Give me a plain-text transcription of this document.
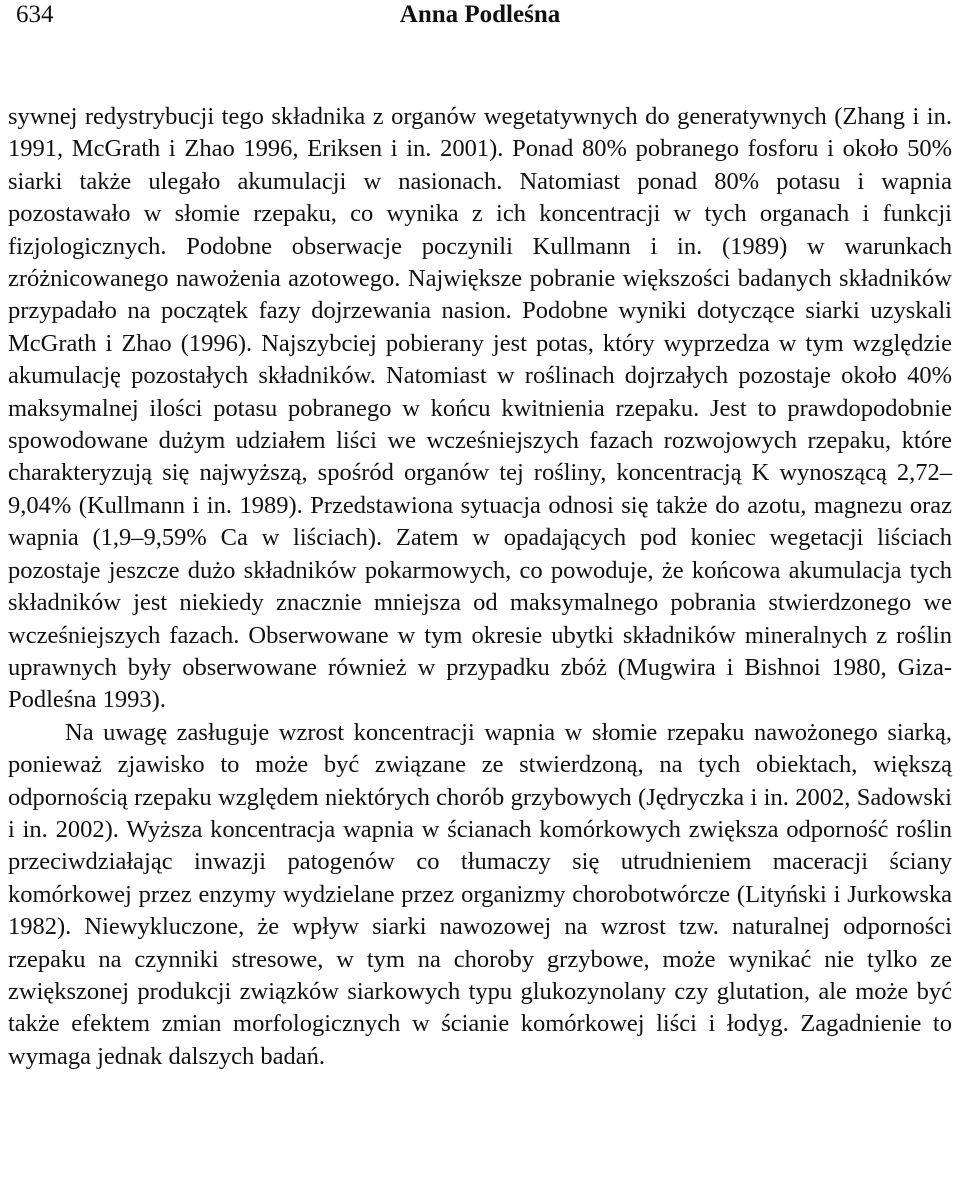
634	Anna Podleśna

sywnej redystrybucji tego składnika z organów wegetatywnych do generatywnych (Zhang i in. 1991, McGrath i Zhao 1996, Eriksen i in. 2001). Ponad 80% pobranego fosforu i około 50% siarki także ulegało akumulacji w nasionach. Natomiast ponad 80% potasu i wapnia pozostawało w słomie rzepaku, co wynika z ich koncentracji w tych organach i funkcji fizjologicznych. Podobne obserwacje poczynili Kullmann i in. (1989) w warunkach zróżnicowanego nawożenia azotowego. Największe pobranie większości badanych składników przypadało na początek fazy dojrzewania nasion. Podobne wyniki dotyczące siarki uzyskali McGrath i Zhao (1996). Najszybciej pobierany jest potas, który wyprzedza w tym względzie akumulację pozostałych składników. Natomiast w roślinach dojrzałych pozostaje około 40% maksymalnej ilości potasu pobranego w końcu kwitnienia rzepaku. Jest to prawdopodobnie spowodowane dużym udziałem liści we wcześniejszych fazach rozwojowych rzepaku, które charakteryzują się najwyższą, spośród organów tej rośliny, koncentracją K wynoszącą 2,72–9,04% (Kullmann i in. 1989). Przedstawiona sytuacja odnosi się także do azotu, magnezu oraz wapnia (1,9–9,59% Ca w liściach). Zatem w opadających pod koniec wegetacji liściach pozostaje jeszcze dużo składników pokarmowych, co powoduje, że końcowa akumulacja tych składników jest niekiedy znacznie mniejsza od maksymalnego pobrania stwierdzonego we wcześniejszych fazach. Obserwowane w tym okresie ubytki składników mineralnych z roślin uprawnych były obserwowane również w przypadku zbóż (Mugwira i Bishnoi 1980, Giza-Podleśna 1993).

Na uwagę zasługuje wzrost koncentracji wapnia w słomie rzepaku nawożonego siarką, ponieważ zjawisko to może być związane ze stwierdzoną, na tych obiektach, większą odpornością rzepaku względem niektórych chorób grzybowych (Jędryczka i in. 2002, Sadowski i in. 2002). Wyższa koncentracja wapnia w ścianach komórkowych zwiększa odporność roślin przeciwdziałając inwazji patogenów co tłumaczy się utrudnieniem maceracji ściany komórkowej przez enzymy wydzielane przez organizmy chorobotwórcze (Lityński i Jurkowska 1982). Niewykluczone, że wpływ siarki nawozowej na wzrost tzw. naturalnej odporności rzepaku na czynniki stresowe, w tym na choroby grzybowe, może wynikać nie tylko ze zwiększonej produkcji związków siarkowych typu glukozynolany czy glutation, ale może być także efektem zmian morfologicznych w ścianie komórkowej liści i łodyg. Zagadnienie to wymaga jednak dalszych badań.
